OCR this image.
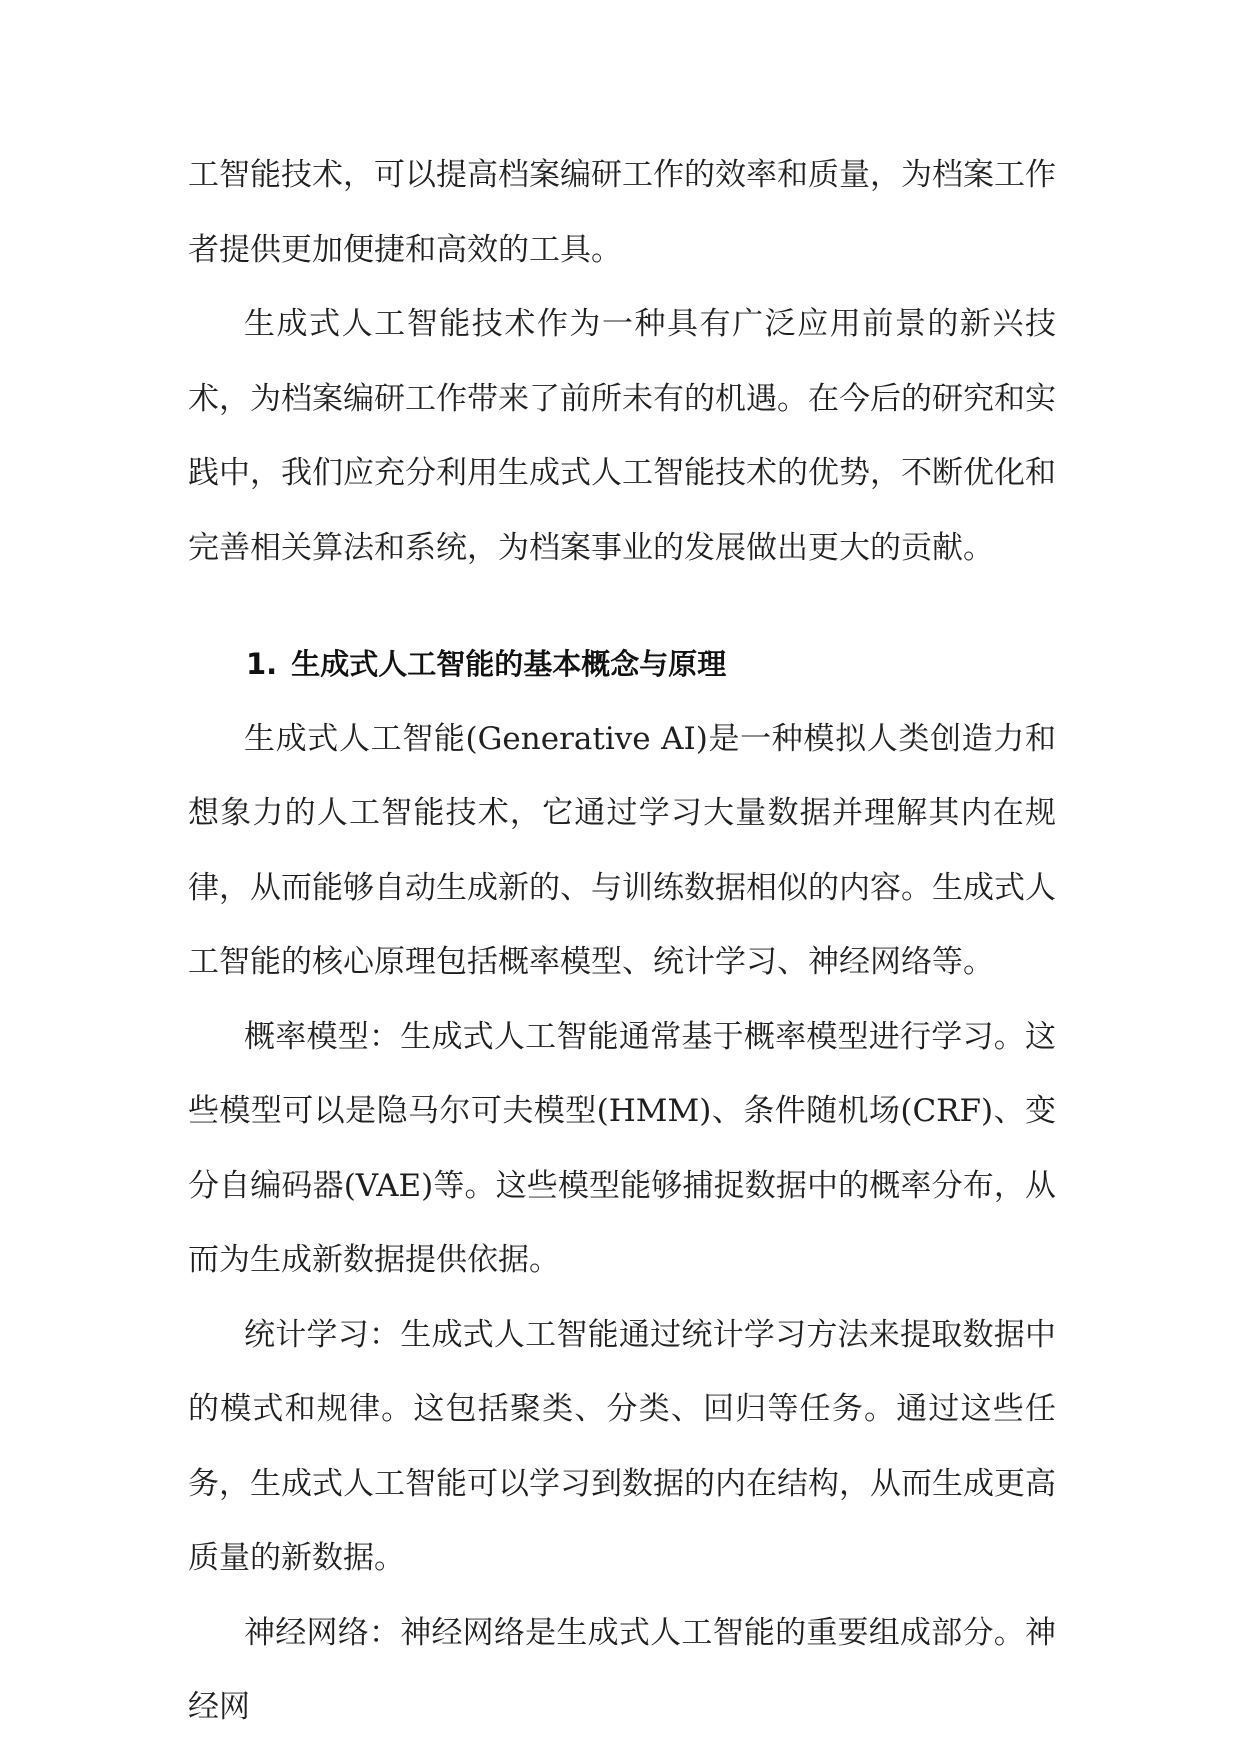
工智能技术，可以提高档案编研工作的效率和质量，为档案工作者提供更加便捷和高效的工具。

生成式人工智能技术作为一种具有广泛应用前景的新兴技术，为档案编研工作带来了前所未有的机遇。在今后的研究和实践中，我们应充分利用生成式人工智能技术的优势，不断优化和完善相关算法和系统，为档案事业的发展做出更大的贡献。

1. 生成式人工智能的基本概念与原理

生成式人工智能(Generative AI)是一种模拟人类创造力和想象力的人工智能技术，它通过学习大量数据并理解其内在规律，从而能够自动生成新的、与训练数据相似的内容。生成式人工智能的核心原理包括概率模型、统计学习、神经网络等。

概率模型：生成式人工智能通常基于概率模型进行学习。这些模型可以是隐马尔可夫模型(HMM)、条件随机场(CRF)、变分自编码器(VAE)等。这些模型能够捕捉数据中的概率分布，从而为生成新数据提供依据。

统计学习：生成式人工智能通过统计学习方法来提取数据中的模式和规律。这包括聚类、分类、回归等任务。通过这些任务，生成式人工智能可以学习到数据的内在结构，从而生成更高质量的新数据。

神经网络：神经网络是生成式人工智能的重要组成部分。神经网
